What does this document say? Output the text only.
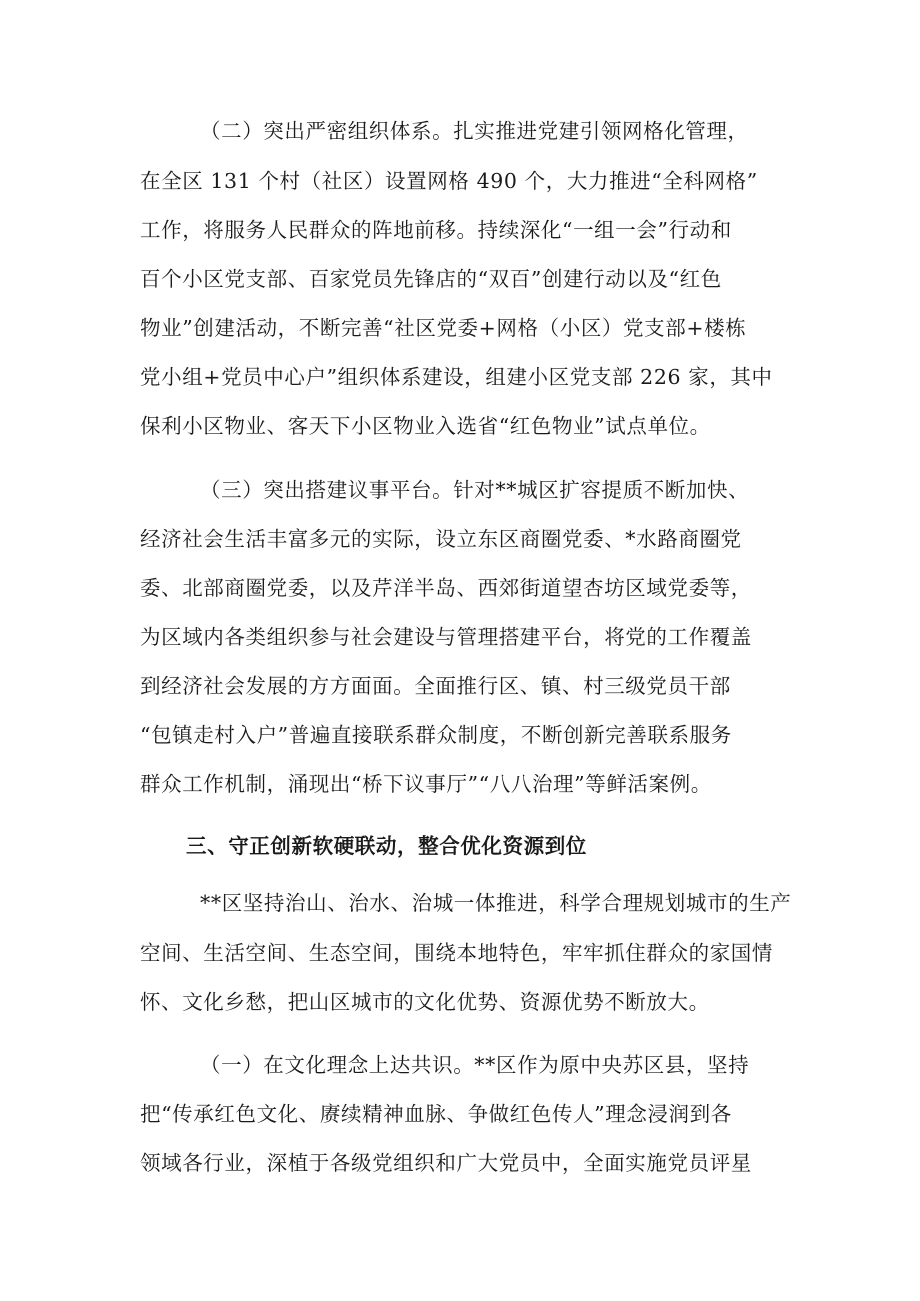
（二）突出严密组织体系。扎实推进党建引领网格化管理，
在全区 131 个村（社区）设置网格 490 个，大力推进“全科网格”
工作，将服务人民群众的阵地前移。持续深化“一组一会”行动和
百个小区党支部、百家党员先锋店的“双百”创建行动以及“红色
物业”创建活动，不断完善“社区党委+网格（小区）党支部+楼栋
党小组+党员中心户”组织体系建设，组建小区党支部 226 家，其中
保利小区物业、客天下小区物业入选省“红色物业”试点单位。
（三）突出搭建议事平台。针对**城区扩容提质不断加快、
经济社会生活丰富多元的实际，设立东区商圈党委、*水路商圈党
委、北部商圈党委，以及芹洋半岛、西郊街道望杏坊区域党委等，
为区域内各类组织参与社会建设与管理搭建平台，将党的工作覆盖
到经济社会发展的方方面面。全面推行区、镇、村三级党员干部
“包镇走村入户”普遍直接联系群众制度，不断创新完善联系服务
群众工作机制，涌现出“桥下议事厅”“八八治理”等鲜活案例。
三、守正创新软硬联动，整合优化资源到位
**区坚持治山、治水、治城一体推进，科学合理规划城市的生产
空间、生活空间、生态空间，围绕本地特色，牢牢抓住群众的家国情
怀、文化乡愁，把山区城市的文化优势、资源优势不断放大。
（一）在文化理念上达共识。**区作为原中央苏区县，坚持
把“传承红色文化、赓续精神血脉、争做红色传人”理念浸润到各
领域各行业，深植于各级党组织和广大党员中，全面实施党员评星
